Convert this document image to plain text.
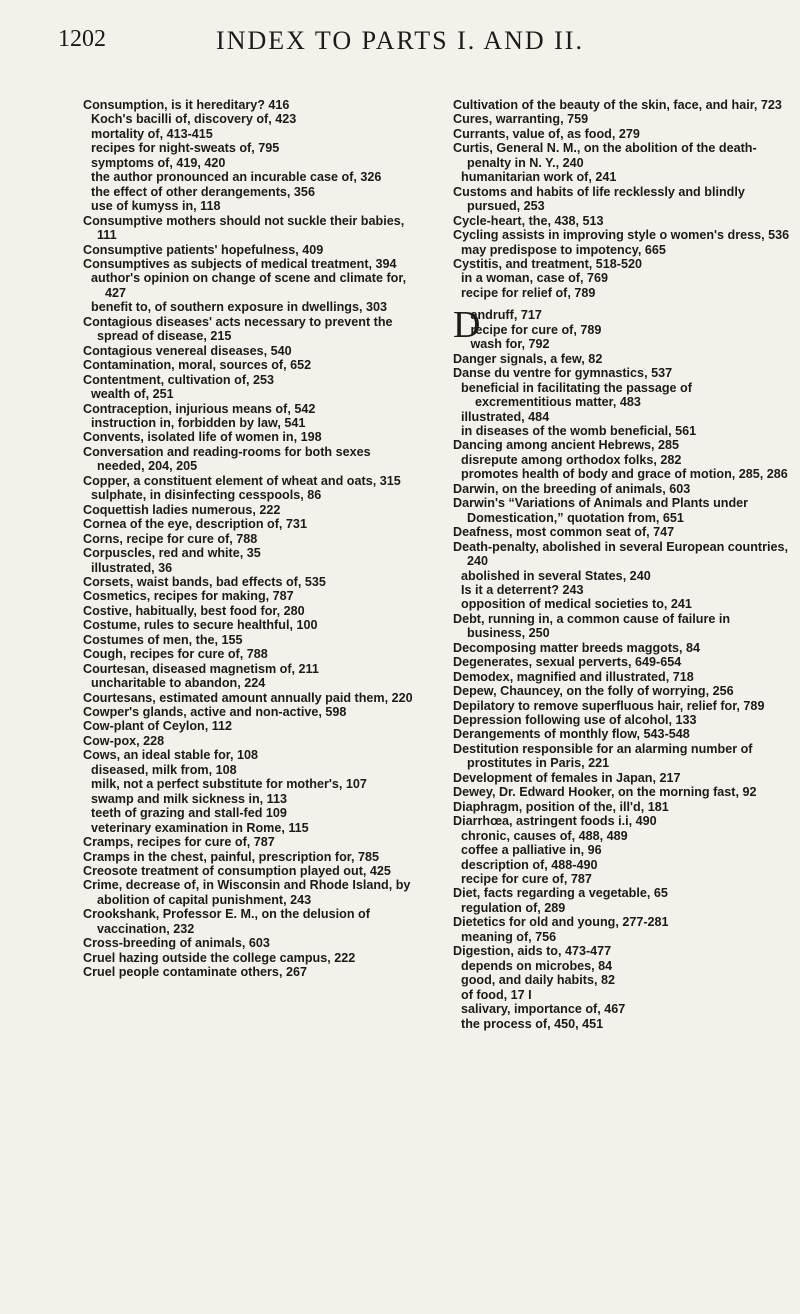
1202	INDEX TO PARTS I. AND II.
Consumption, is it hereditary? 416
Koch's bacilli of, discovery of, 423
mortality of, 413-415
recipes for night-sweats of, 795
symptoms of, 419, 420
the author pronounced an incurable case of, 326
the effect of other derangements, 356
use of kumyss in, 118
Consumptive mothers should not suckle their babies, 111
Consumptive patients' hopefulness, 409
Consumptives as subjects of medical treatment, 394
author's opinion on change of scene and climate for, 427
benefit to, of southern exposure in dwellings, 303
Contagious diseases' acts necessary to prevent the spread of disease, 215
Contagious venereal diseases, 540
Contamination, moral, sources of, 652
Contentment, cultivation of, 253
wealth of, 251
Contraception, injurious means of, 542
instruction in, forbidden by law, 541
Convents, isolated life of women in, 198
Conversation and reading-rooms for both sexes needed, 204, 205
Copper, a constituent element of wheat and oats, 315
sulphate, in disinfecting cesspools, 86
Coquettish ladies numerous, 222
Cornea of the eye, description of, 731
Corns, recipe for cure of, 788
Corpuscles, red and white, 35
illustrated, 36
Corsets, waist bands, bad effects of, 535
Cosmetics, recipes for making, 787
Costive, habitually, best food for, 280
Costume, rules to secure healthful, 100
Costumes of men, the, 155
Cough, recipes for cure of, 788
Courtesan, diseased magnetism of, 211
uncharitable to abandon, 224
Courtesans, estimated amount annually paid them, 220
Cowper's glands, active and non-active, 598
Cow-plant of Ceylon, 112
Cow-pox, 228
Cows, an ideal stable for, 108
diseased, milk from, 108
milk, not a perfect substitute for mother's, 107
swamp and milk sickness in, 113
teeth of grazing and stall-fed 109
veterinary examination in Rome, 115
Cramps, recipes for cure of, 787
Cramps in the chest, painful, prescription for, 785
Creosote treatment of consumption played out, 425
Crime, decrease of, in Wisconsin and Rhode Island, by abolition of capital punishment, 243
Crookshank, Professor E. M., on the delusion of vaccination, 232
Cross-breeding of animals, 603
Cruel hazing outside the college campus, 222
Cruel people contaminate others, 267
Cultivation of the beauty of the skin, face, and hair, 723
Cures, warranting, 759
Currants, value of, as food, 279
Curtis, General N. M., on the abolition of the death-penalty in N. Y., 240
humanitarian work of, 241
Customs and habits of life recklessly and blindly pursued, 253
Cycle-heart, the, 438, 513
Cycling assists in improving style o women's dress, 536
may predispose to impotency, 665
Cystitis, and treatment, 518-520
in a woman, case of, 769
recipe for relief of, 789
D
andruff, 717
recipe for cure of, 789
wash for, 792
Danger signals, a few, 82
Danse du ventre for gymnastics, 537
beneficial in facilitating the passage of excrementitious matter, 483
illustrated, 484
in diseases of the womb beneficial, 561
Dancing among ancient Hebrews, 285
disrepute among orthodox folks, 282
promotes health of body and grace of motion, 285, 286
Darwin, on the breeding of animals, 603
Darwin's “Variations of Animals and Plants under Domestication,” quotation from, 651
Deafness, most common seat of, 747
Death-penalty, abolished in several European countries, 240
abolished in several States, 240
Is it a deterrent? 243
opposition of medical societies to, 241
Debt, running in, a common cause of failure in business, 250
Decomposing matter breeds maggots, 84
Degenerates, sexual perverts, 649-654
Demodex, magnified and illustrated, 718
Depew, Chauncey, on the folly of worrying, 256
Depilatory to remove superfluous hair, relief for, 789
Depression following use of alcohol, 133
Derangements of monthly flow, 543-548
Destitution responsible for an alarming number of prostitutes in Paris, 221
Development of females in Japan, 217
Dewey, Dr. Edward Hooker, on the morning fast, 92
Diaphragm, position of the, ill'd, 181
Diarrhœa, astringent foods i.i, 490
chronic, causes of, 488, 489
coffee a palliative in, 96
description of, 488-490
recipe for cure of, 787
Diet, facts regarding a vegetable, 65
regulation of, 289
Dietetics for old and young, 277-281
meaning of, 756
Digestion, aids to, 473-477
depends on microbes, 84
good, and daily habits, 82
of food, 17 I
salivary, importance of, 467
the process of, 450, 451
